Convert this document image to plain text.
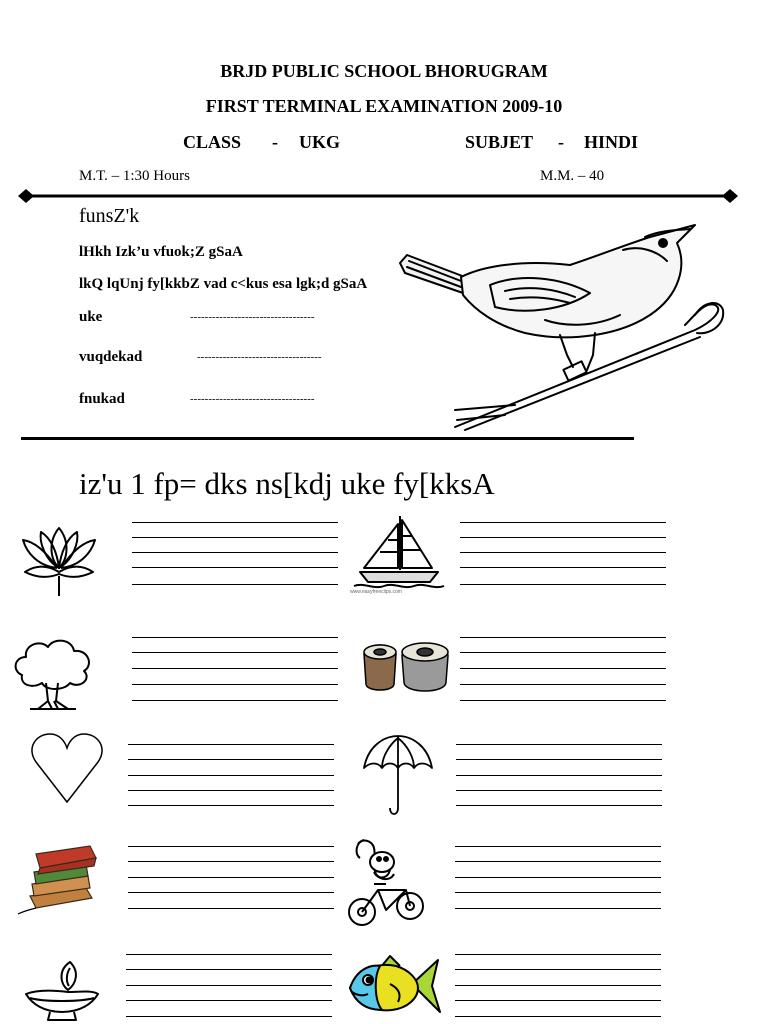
BRJD PUBLIC SCHOOL BHORUGRAM
FIRST TERMINAL EXAMINATION 2009-10
CLASS - UKG	SUBJET - HINDI
M.T. – 1:30 Hours	M.M. – 40
funsZ'k
lHkh Izk’u vfuok;Z gSaA
lkQ lqUnj fy[kkbZ vad c<kus esa lgk;d gSaA
uke	----------------------------------
vuqdekad	----------------------------------
fnukad	----------------------------------
iz'u 1 fp= dks ns[kdj uke fy[kksA
www.easyfreeclips.com
